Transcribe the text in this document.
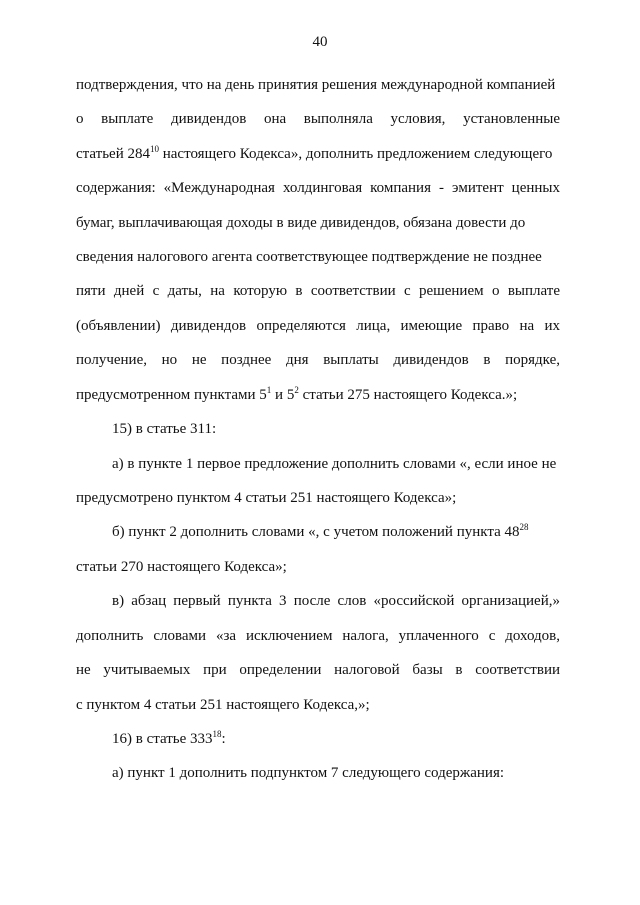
40
подтверждения, что на день принятия решения международной компанией
о выплате дивидендов она выполняла условия, установленные
статьей $284^{10}$ настоящего Кодекса», дополнить предложением следующего
содержания: «Международная холдинговая компания - эмитент ценных
бумаг, выплачивающая доходы в виде дивидендов, обязана довести до
сведения налогового агента соответствующее подтверждение не позднее
пяти дней с даты, на которую в соответствии с решением о выплате
(объявлении) дивидендов определяются лица, имеющие право на их
получение, но не позднее дня выплаты дивидендов в порядке,
предусмотренном пунктами $5^1$ и $5^2$ статьи 275 настоящего Кодекса.»;
15) в статье 311:
а) в пункте 1 первое предложение дополнить словами «, если иное не
предусмотрено пунктом 4 статьи 251 настоящего Кодекса»;
б) пункт 2 дополнить словами «, с учетом положений пункта $48^{28}$
статьи 270 настоящего Кодекса»;
в) абзац первый пункта 3 после слов «российской организацией,»
дополнить словами «за исключением налога, уплаченного с доходов,
не учитываемых при определении налоговой базы в соответствии
с пунктом 4 статьи 251 настоящего Кодекса,»;
16) в статье $333^{18}$:
а) пункт 1 дополнить подпунктом 7 следующего содержания:
